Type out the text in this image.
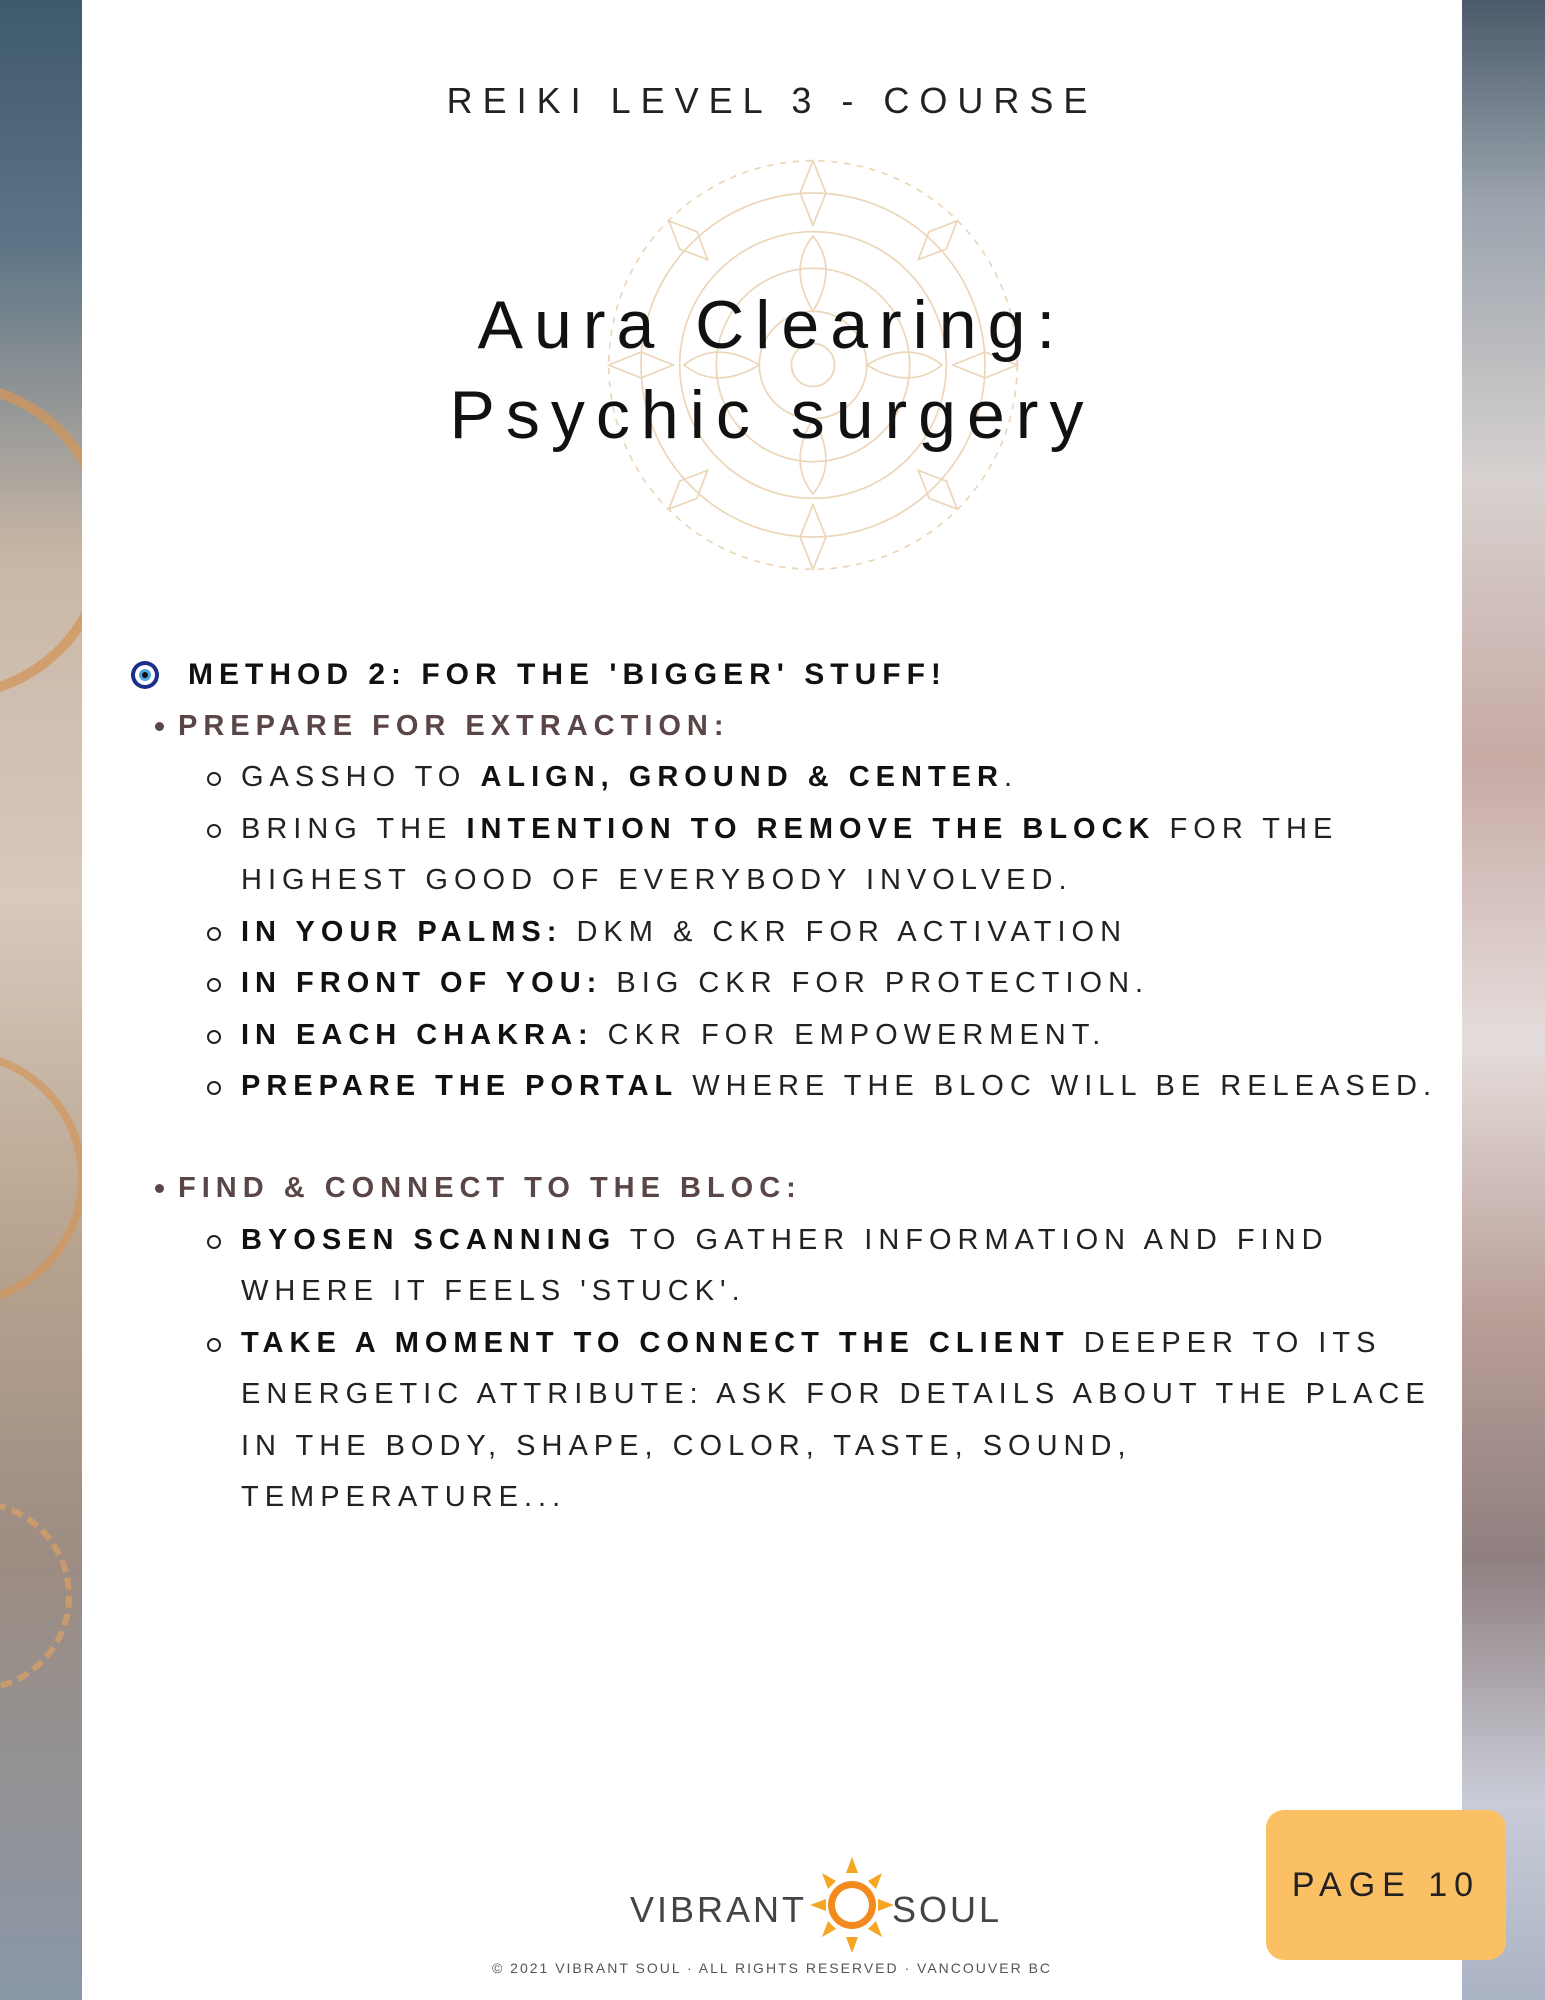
REIKI LEVEL 3 - COURSE
Aura Clearing:
Psychic surgery
METHOD 2: FOR THE 'BIGGER' STUFF!
PREPARE FOR EXTRACTION:
GASSHO TO ALIGN, GROUND & CENTER.
BRING THE INTENTION TO REMOVE THE BLOCK FOR THE HIGHEST GOOD OF EVERYBODY INVOLVED.
IN YOUR PALMS: DKM & CKR FOR ACTIVATION
IN FRONT OF YOU: BIG CKR FOR PROTECTION.
IN EACH CHAKRA: CKR FOR EMPOWERMENT.
PREPARE THE PORTAL WHERE THE BLOC WILL BE RELEASED.
FIND & CONNECT TO THE BLOC:
BYOSEN SCANNING TO GATHER INFORMATION AND FIND WHERE IT FEELS 'STUCK'.
TAKE A MOMENT TO CONNECT THE CLIENT DEEPER TO ITS ENERGETIC ATTRIBUTE: ASK FOR DETAILS ABOUT THE PLACE IN THE BODY, SHAPE, COLOR, TASTE, SOUND, TEMPERATURE...
VIBRANT SOUL
PAGE 10
© 2021 VIBRANT SOUL · ALL RIGHTS RESERVED · VANCOUVER BC
